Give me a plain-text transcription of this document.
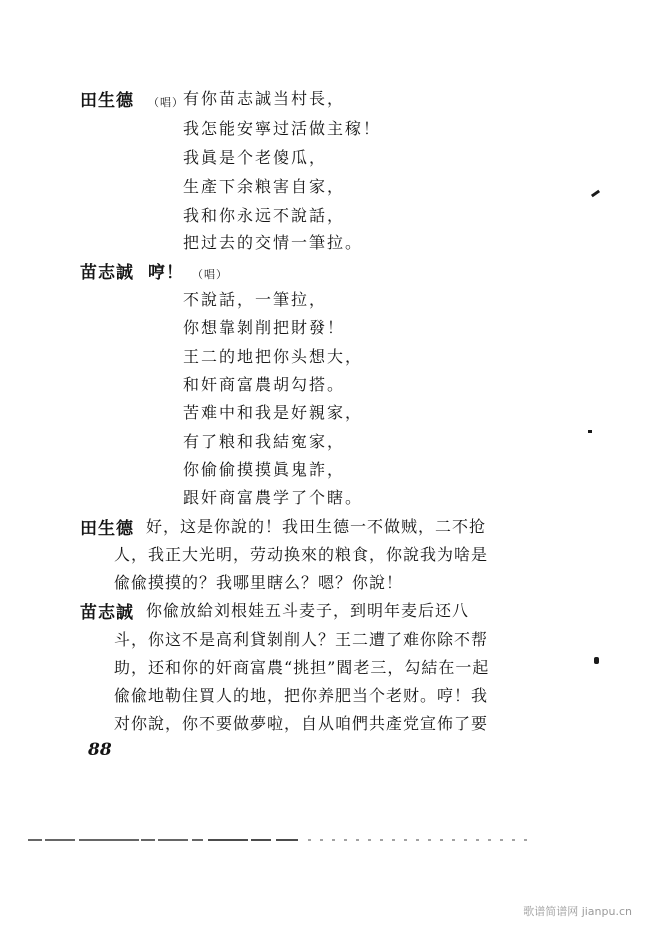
田生德 （唱） 有你苗志誠当村長，
我怎能安寧过活做主稼！
我眞是个老傻瓜，
生產下余粮害自家，
我和你永远不說話，
把过去的交情一筆拉。
苗志誠 哼！ （唱）
不說話，一筆拉，
你想靠剝削把財發！
王二的地把你头想大，
和奸商富農胡勾搭。
苦难中和我是好親家，
有了粮和我結寃家，
你偷偷摸摸眞鬼詐，
跟奸商富農学了个瞎。
田生德 好，这是你說的！我田生德一不做贼，二不抢
人，我正大光明，劳动换來的粮食，你說我为啥是
偸偸摸摸的？我哪里瞎么？嗯？你說！
苗志誠 你偸放給刘根娃五斗麦子，到明年麦后还八
斗，你这不是高利貸剝削人？王二遭了难你除不帮
助，还和你的奸商富農“挑担”閻老三，勾結在一起
偸偸地勒住買人的地，把你养肥当个老财。哼！我
对你說，你不要做夢啦，自从咱們共產党宣佈了要
88
歌谱简谱网 jianpu.cn
